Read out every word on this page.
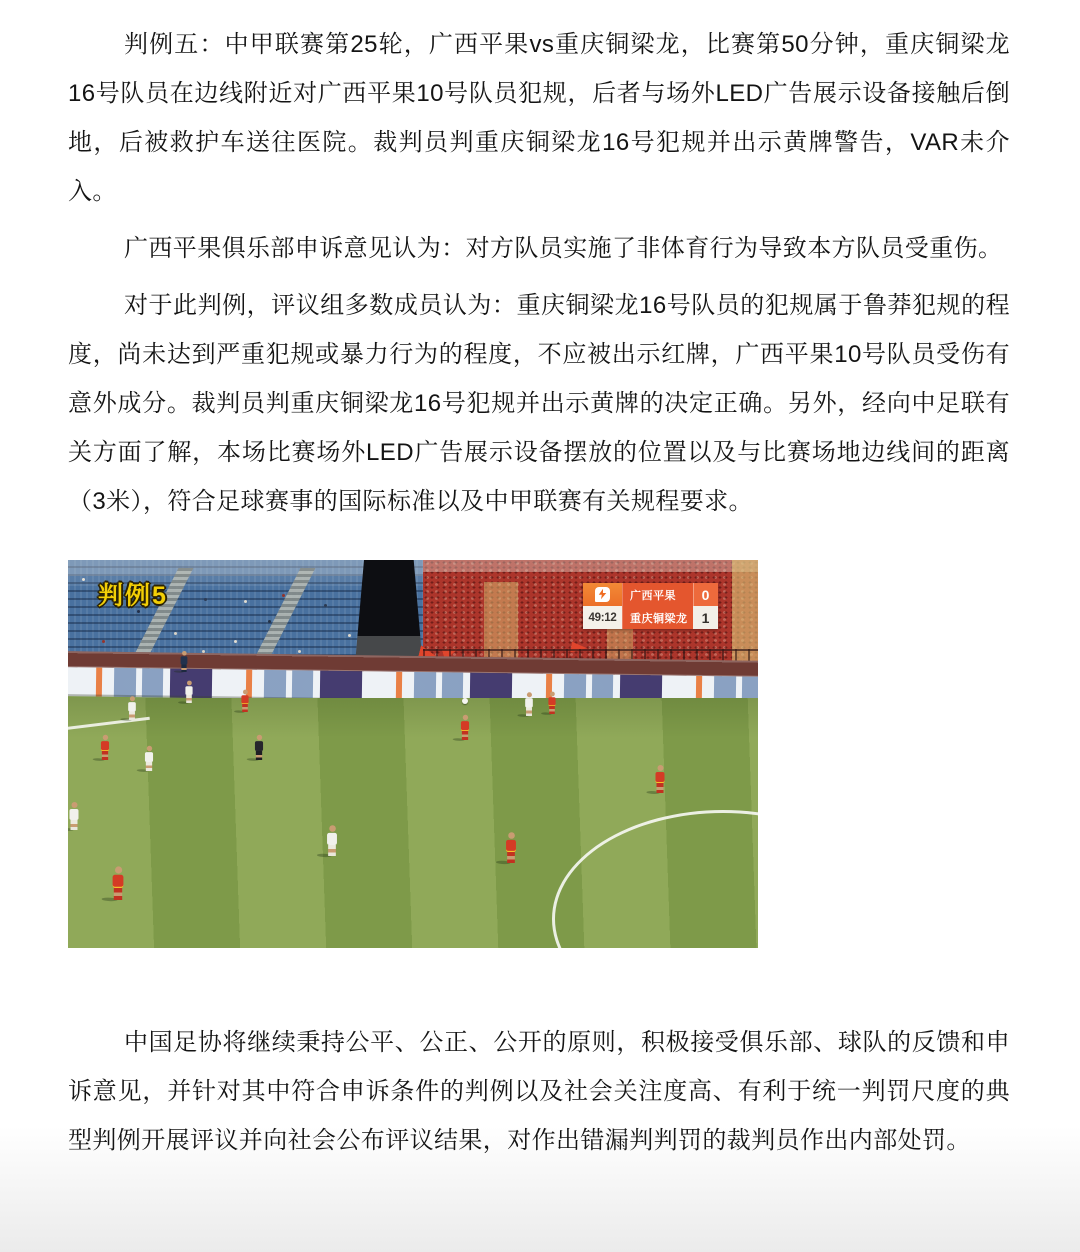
判例五：中甲联赛第25轮，广西平果vs重庆铜梁龙，比赛第50分钟，重庆铜梁龙16号队员在边线附近对广西平果10号队员犯规，后者与场外LED广告展示设备接触后倒地，后被救护车送往医院。裁判员判重庆铜梁龙16号犯规并出示黄牌警告，VAR未介入。

广西平果俱乐部申诉意见认为：对方队员实施了非体育行为导致本方队员受重伤。

对于此判例，评议组多数成员认为：重庆铜梁龙16号队员的犯规属于鲁莽犯规的程度，尚未达到严重犯规或暴力行为的程度，不应被出示红牌，广西平果10号队员受伤有意外成分。裁判员判重庆铜梁龙16号犯规并出示黄牌的决定正确。另外，经向中足联有关方面了解，本场比赛场外LED广告展示设备摆放的位置以及与比赛场地边线间的距离（3米），符合足球赛事的国际标准以及中甲联赛有关规程要求。

判例5	广西平果	0
49:12	重庆铜梁龙	1

中国足协将继续秉持公平、公正、公开的原则，积极接受俱乐部、球队的反馈和申诉意见，并针对其中符合申诉条件的判例以及社会关注度高、有利于统一判罚尺度的典型判例开展评议并向社会公布评议结果，对作出错漏判判罚的裁判员作出内部处罚。
